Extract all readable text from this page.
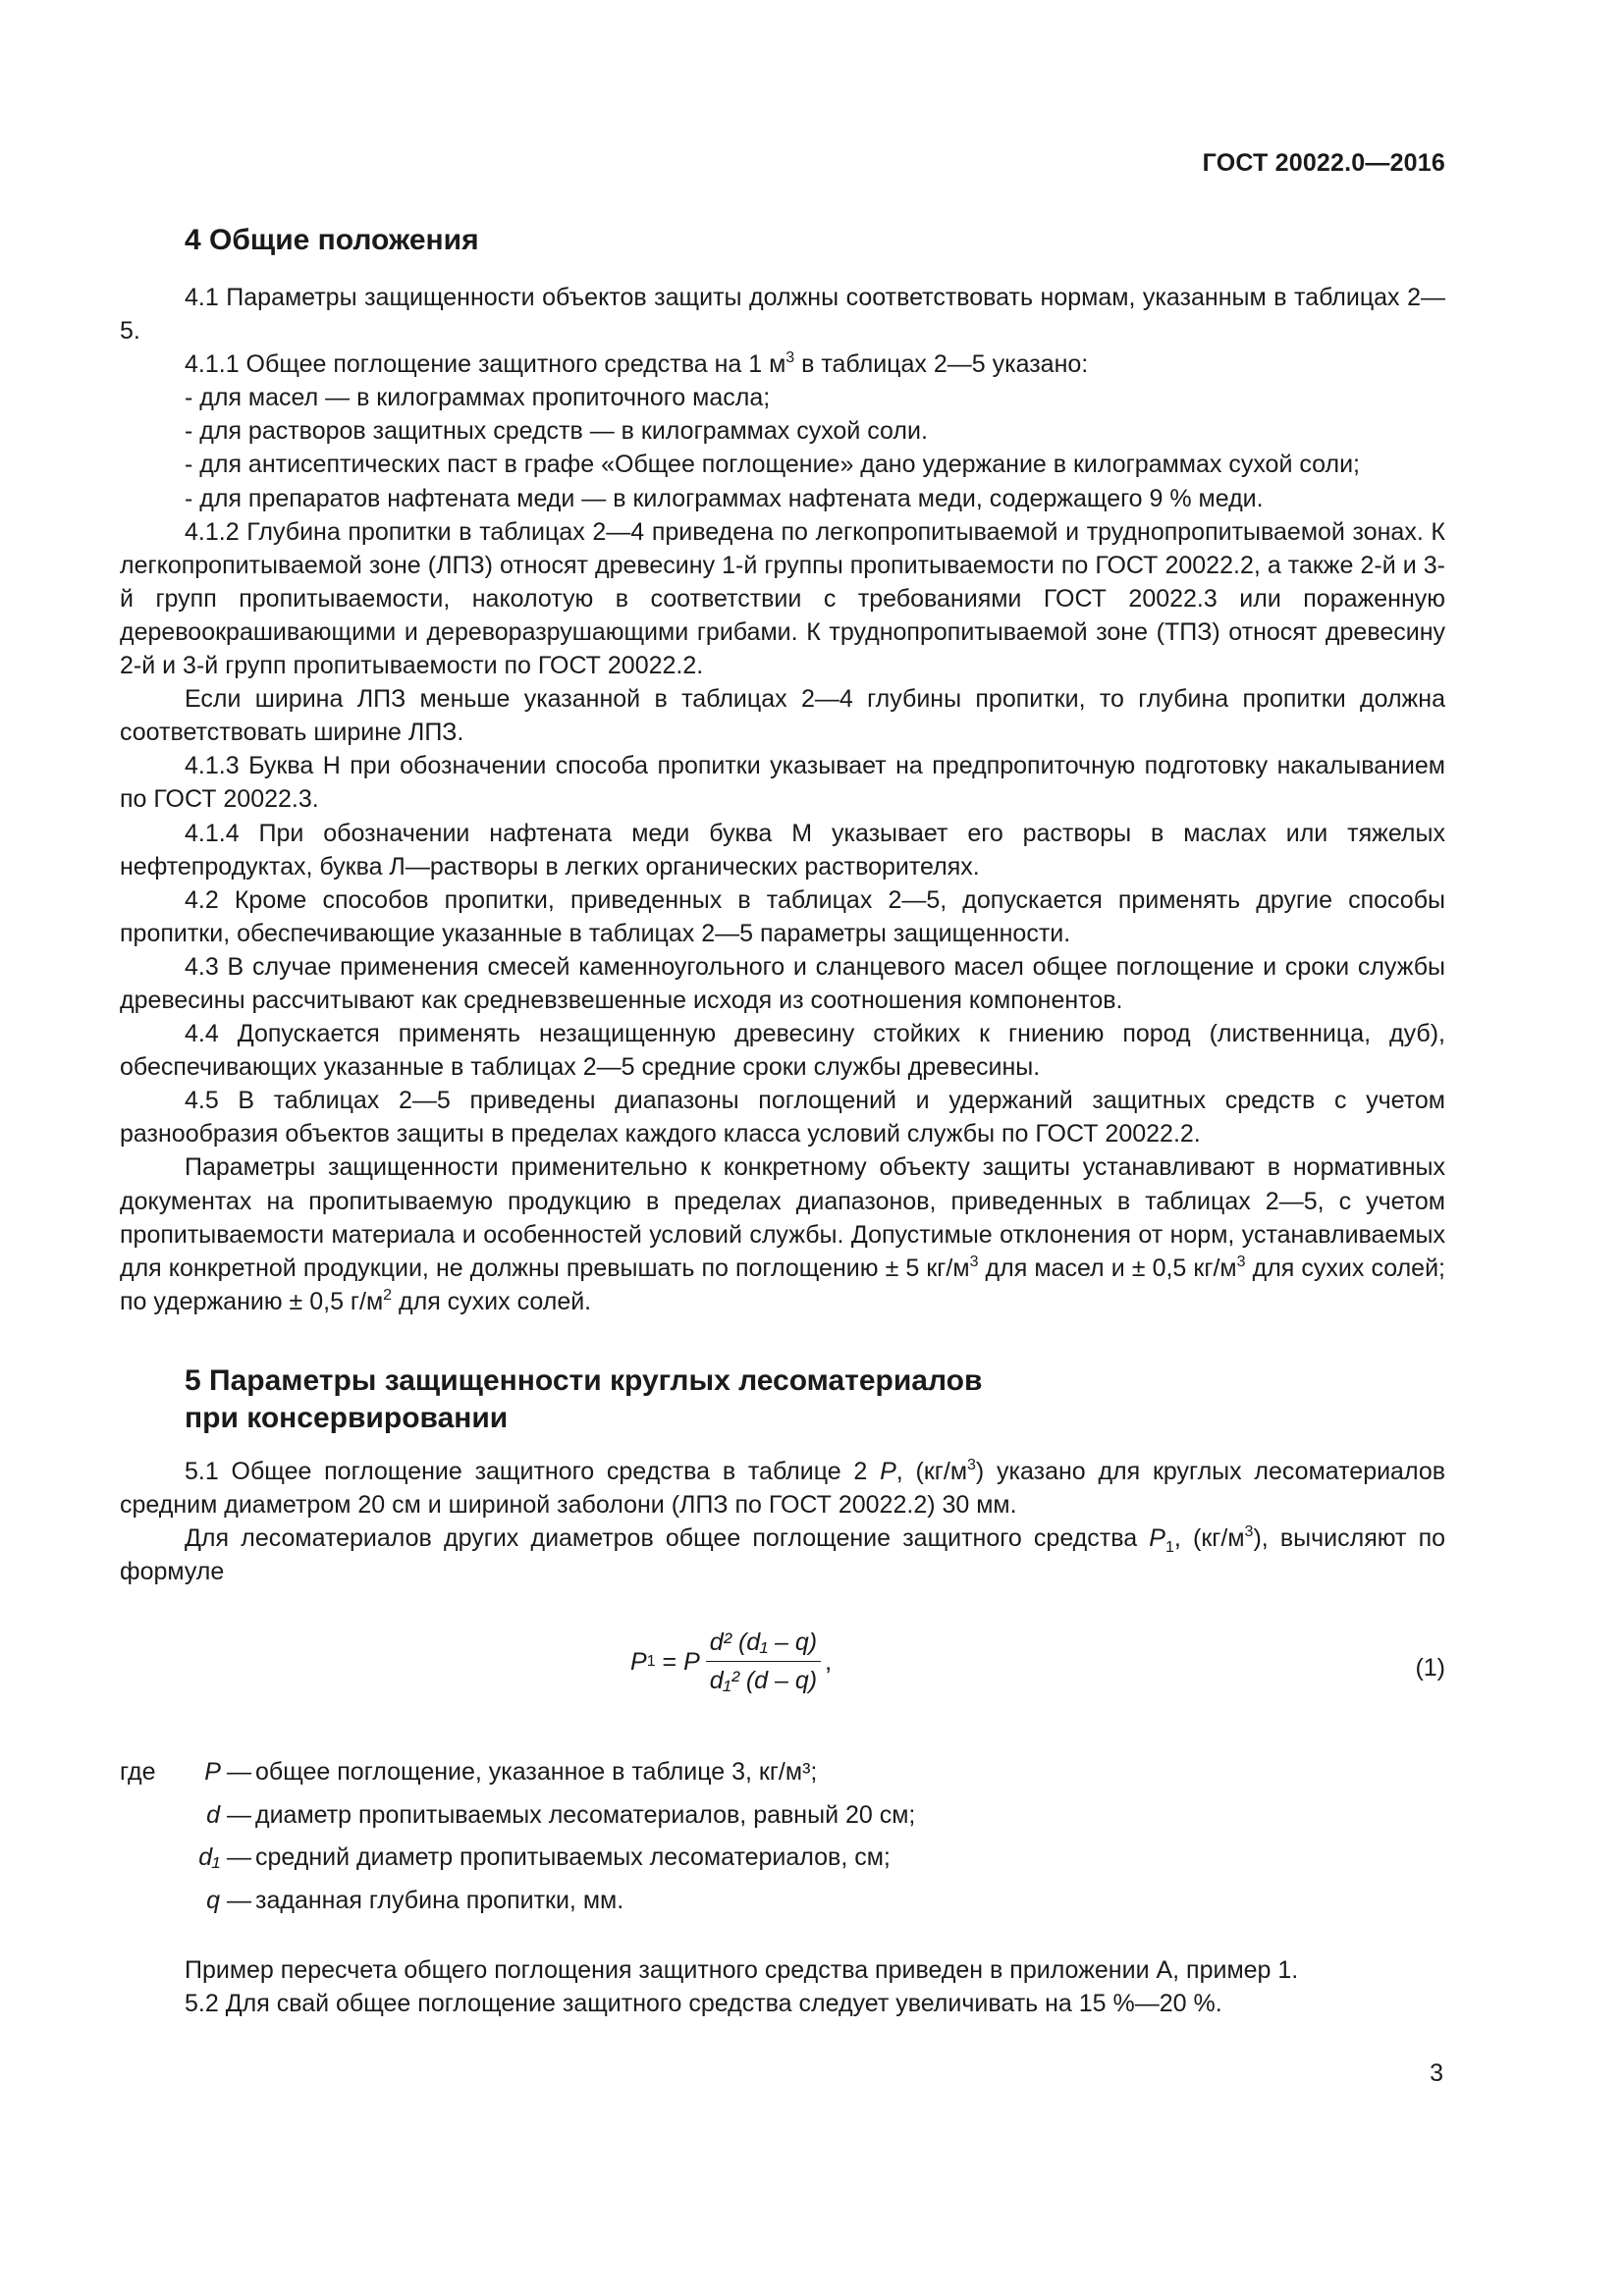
ГОСТ 20022.0—2016
4 Общие положения

4.1 Параметры защищенности объектов защиты должны соответствовать нормам, указанным в таблицах 2—5.

4.1.1 Общее поглощение защитного средства на 1 $м^3$ в таблицах 2—5 указано:

- для масел — в килограммах пропиточного масла;

- для растворов защитных средств — в килограммах сухой соли.

- для антисептических паст в графе «Общее поглощение» дано удержание в килограммах сухой соли;

- для препаратов нафтената меди — в килограммах нафтената меди, содержащего 9 % меди.

4.1.2 Глубина пропитки в таблицах 2—4 приведена по легкопропитываемой и труднопропитываемой зонах. К легкопропитываемой зоне (ЛПЗ) относят древесину 1-й группы пропитываемости по ГОСТ 20022.2, а также 2-й и 3-й групп пропитываемости, наколотую в соответствии с требованиями ГОСТ 20022.3 или пораженную деревоокрашивающими и дереворазрушающими грибами. К труднопропитываемой зоне (ТПЗ) относят древесину 2-й и 3-й групп пропитываемости по ГОСТ 20022.2.

Если ширина ЛПЗ меньше указанной в таблицах 2—4 глубины пропитки, то глубина пропитки должна соответствовать ширине ЛПЗ.

4.1.3 Буква Н при обозначении способа пропитки указывает на предпропиточную подготовку накалыванием по ГОСТ 20022.3.

4.1.4 При обозначении нафтената меди буква М указывает его растворы в маслах или тяжелых нефтепродуктах, буква Л—растворы в легких органических растворителях.

4.2 Кроме способов пропитки, приведенных в таблицах 2—5, допускается применять другие способы пропитки, обеспечивающие указанные в таблицах 2—5 параметры защищенности.

4.3 В случае применения смесей каменноугольного и сланцевого масел общее поглощение и сроки службы древесины рассчитывают как средневзвешенные исходя из соотношения компонентов.

4.4 Допускается применять незащищенную древесину стойких к гниению пород (лиственница, дуб), обеспечивающих указанные в таблицах 2—5 средние сроки службы древесины.

4.5 В таблицах 2—5 приведены диапазоны поглощений и удержаний защитных средств с учетом разнообразия объектов защиты в пределах каждого класса условий службы по ГОСТ 20022.2.

Параметры защищенности применительно к конкретному объекту защиты устанавливают в нормативных документах на пропитываемую продукцию в пределах диапазонов, приведенных в таблицах 2—5, с учетом пропитываемости материала и особенностей условий службы. Допустимые отклонения от норм, устанавливаемых для конкретной продукции, не должны превышать по поглощению ± 5 $кг/м^3$ для масел и ± 0,5 $кг/м^3$ для сухих солей; по удержанию ± 0,5 $г/м^2$ для сухих солей.

5 Параметры защищенности круглых лесоматериалов
при консервировании

5.1 Общее поглощение защитного средства в таблице 2 P, $(кг/м^3)$ указано для круглых лесоматериалов средним диаметром 20 см и шириной заболони (ЛПЗ по ГОСТ 20022.2) 30 мм.

Для лесоматериалов других диаметров общее поглощение защитного средства $P_1$, $(кг/м^3)$, вычисляют по формуле

P 1 = P $\frac{\text{d² (d₁ – q)}}{\text{d₁² (d – q)}}$ ,	(1)
где	P — общее поглощение, указанное в таблице 3, кг/м³;
d — диаметр пропитываемых лесоматериалов, равный 20 см;
d₁ — средний диаметр пропитываемых лесоматериалов, см;
q — заданная глубина пропитки, мм.

Пример пересчета общего поглощения защитного средства приведен в приложении А, пример 1.

5.2 Для свай общее поглощение защитного средства следует увеличивать на 15 %—20 %.

3
